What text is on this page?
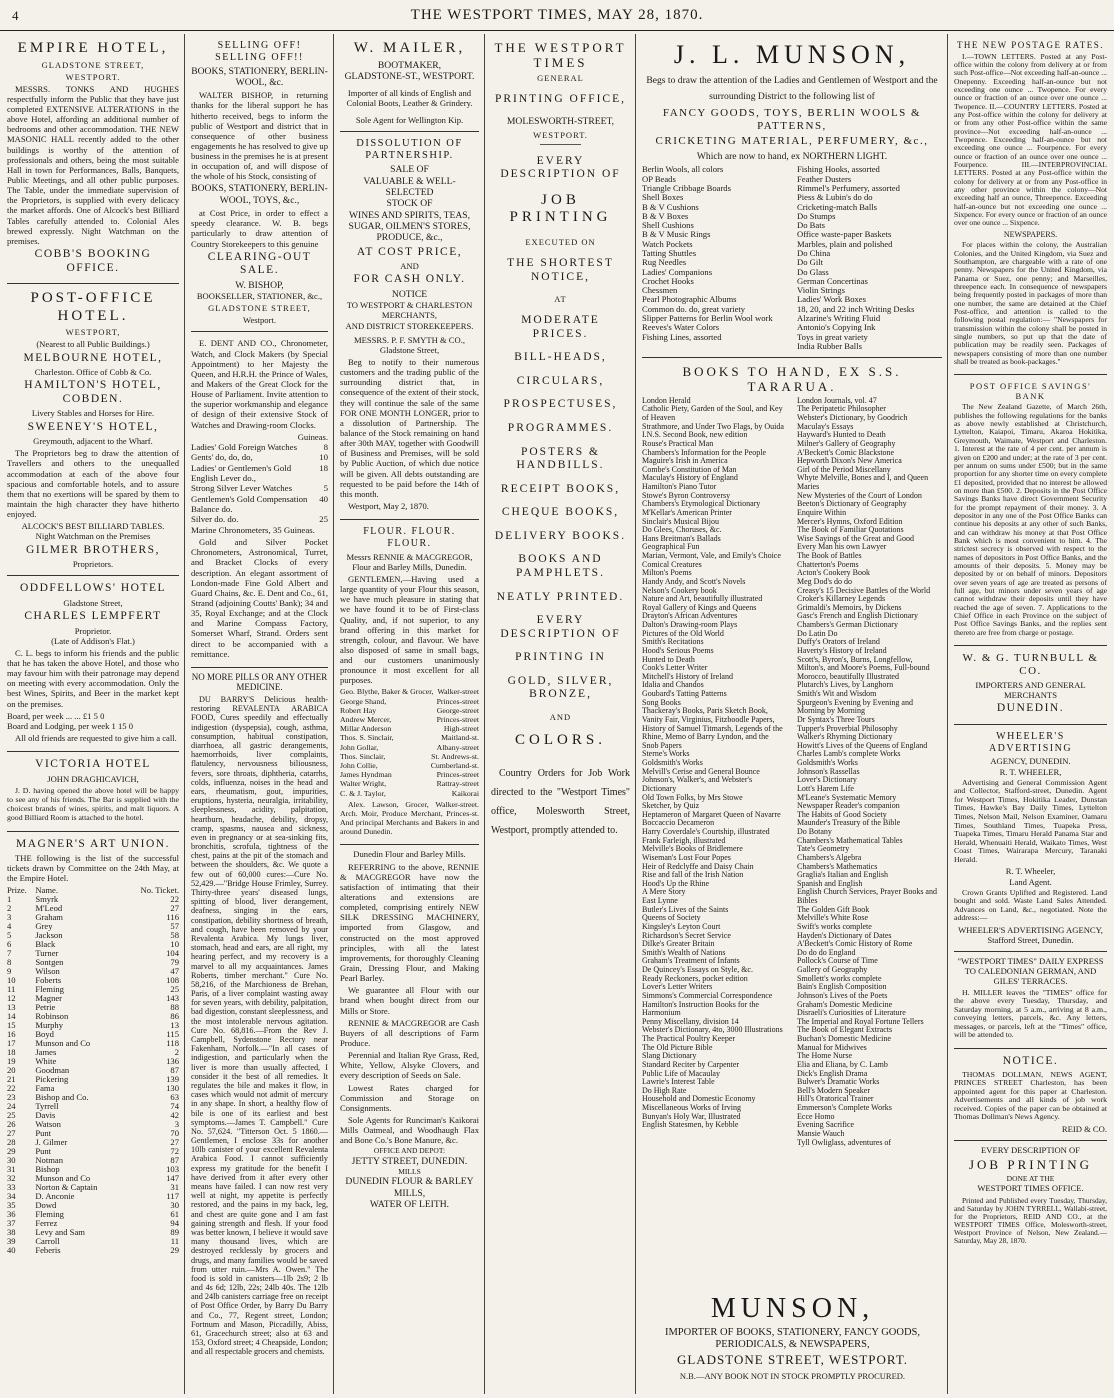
4	THE WESTPORT TIMES, MAY 28, 1870.
EMPIRE HOTEL,
GLADSTONE STREET,
WESTPORT.
MESSRS. TONKS AND HUGHES respectfully inform the Public that they have just completed EXTENSIVE ALTERATIONS in the above Hotel, affording an additional number of bedrooms and other accommodation. THE NEW MASONIC HALL recently added to the other buildings is worthy of the attention of professionals and others, being the most suitable Hall in town for Performances, Balls, Banquets, Public Meetings, and all other public purposes. The Table, under the immediate supervision of the Proprietors, is supplied with every delicacy the market affords. One of Alcock's best Billiard Tables carefully attended to. Colonial Ales brewed expressly. Night Watchman on the premises.
COBB'S BOOKING OFFICE.
POST-OFFICE HOTEL.
WESTPORT,
(Nearest to all Public Buildings.)
MELBOURNE HOTEL,
Charleston. Office of Cobb & Co.
HAMILTON'S HOTEL, COBDEN.
Livery Stables and Horses for Hire.
SWEENEY'S HOTEL,
Greymouth, adjacent to the Wharf.
The Proprietors beg to draw the attention of Travellers and others to the unequalled accommodation at each of the above four spacious and comfortable hotels, and to assure them that no exertions will be spared by them to maintain the high character they have hitherto enjoyed.
ALCOCK'S BEST BILLIARD TABLES.
Night Watchman on the Premises
GILMER BROTHERS,
Proprietors.
ODDFELLOWS' HOTEL
Gladstone Street,
CHARLES LEMPFERT
Proprietor.
(Late of Addison's Flat.)
C. L. begs to inform his friends and the public that he has taken the above Hotel, and those who may favour him with their patronage may depend on meeting with every accommodation. Only the best Wines, Spirits, and Beer in the market kept on the premises.
Board, per week ... ... £1 5 0
Board and Lodging, per week 1 15 0
All old friends are requested to give him a call.
VICTORIA HOTEL
JOHN DRAGHICAVICH,
J. D. having opened the above hotel will be happy to see any of his friends. The Bar is supplied with the choicest brands of wines, spirits, and malt liquors. A good Billiard Room is attached to the hotel.
MAGNER'S ART UNION.
THE following is the list of the successful tickets drawn by Committee on the 24th May, at the Empire Hotel.
Prize.	Name.	No. Ticket.
1	Smyrk	22
2	M'Leod	27
3	Graham	116
4	Grey	57
5	Jackson	58
6	Black	10
7	Turner	104
8	Sontgen	79
9	Wilson	47
10	Foberts	108
11	Fleming	25
12	Magner	143
13	Petrie	88
14	Robinson	86
15	Murphy	13
16	Boyd	115
17	Munson and Co	118
18	James	2
19	White	136
20	Goodman	87
21	Pickering	139
22	Fama	130
23	Bishop and Co.	63
24	Tyrrell	74
25	Davis	42
26	Watson	3
27	Punt	70
28	J. Gilmer	27
29	Punt	72
30	Notman	87
31	Bishop	103
32	Munson and Co	147
33	Norton & Captain	31
34	D. Anconie	117
35	Dowd	30
36	Fleming	61
37	Ferrez	94
38	Levy and Sam	89
39	Carroll	11
40	Feberis	29
SELLING OFF! SELLING OFF!!
BOOKS, STATIONERY, BERLIN-WOOL, &c.
WALTER BISHOP, in returning thanks for the liberal support he has hitherto received, begs to inform the public of Westport and district that in consequence of other business engagements he has resolved to give up business in the premises he is at present in occupation of, and will dispose of the whole of his Stock, consisting of
BOOKS, STATIONERY, BERLIN-WOOL, TOYS, &c.,
at Cost Price, in order to effect a speedy clearance. W. B. begs particularly to draw attention of Country Storekeepers to this genuine
CLEARING-OUT SALE.
W. BISHOP,
BOOKSELLER, STATIONER, &c.,
GLADSTONE STREET,
Westport.
E. DENT AND CO., Chronometer, Watch, and Clock Makers (by Special Appointment) to her Majesty the Queen, and H.R.H. the Prince of Wales, and Makers of the Great Clock for the House of Parliament. Invite attention to the superior workmanship and elegance of design of their extensive Stock of Watches and Drawing-room Clocks.
Guineas.
Ladies' Gold Foreign Watches	8
Gents' do, do, do,	10
Ladies' or Gentlemen's Gold English Lever do.,
18
Strong Silver Lever Watches	5
Gentlemen's Gold Compensation Balance do.
40
Silver do. do.	25
Marine Chronometers, 35 Guineas.
Gold and Silver Pocket Chronometers, Astronomical, Turret, and Bracket Clocks of every description. An elegant assortment of London-made Fine Gold Albert and Guard Chains, &c. E. Dent and Co., 61, Strand (adjoining Coutts' Bank); 34 and 35, Royal Exchange; and at the Clock and Marine Compass Factory, Somerset Wharf, Strand. Orders sent direct to be accompanied with a remittance.
NO MORE PILLS OR ANY OTHER MEDICINE.
DU BARRY'S Delicious health-restoring REVALENTA ARABICA FOOD, Cures speedily and effectually indigestion (dyspepsia), cough, asthma, consumption, habitual constipation, diarrhoea, all gastric derangements, haemorrhoids, liver complaints, flatulency, nervousness biliousness, fevers, sore throats, diphtheria, catarrhs, colds, influenza, noises in the head and ears, rheumatism, gout, impurities, eruptions, hysteria, neuralgia, irritability, sleeplessness, acidity, palpitation, heartburn, headache, debility, dropsy, cramp, spasms, nausea and sickness, even in pregnancy or at sea-sinking fits, bronchitis, scrofula, tightness of the chest, pains at the pit of the stomach and between the shoulders, &c. We quote a few out of 60,000 cures:—Cure No. 52,429.—"Bridge House Frimley, Surrey. Thirty-three years' diseased lungs, spitting of blood, liver derangement, deafness, singing in the ears, constipation, debility shortness of breath, and cough, have been removed by your Revalenta Arabica. My lungs liver, stomach, head and ears, are all right, my hearing perfect, and my recovery is a marvel to all my acquaintances. James Roberts, timber merchant." Cure No. 58,216, of the Marchioness de Brehan, Paris, of a liver complaint wasting away for seven years, with debility, palpitation, bad digestion, constant sleeplessness, and the most intolerable nervous agitation. Cure No. 68,816.—From the Rev J. Campbell, Sydenstone Rectory near Fakenham, Norfolk.—"In all cases of indigestion, and particularly when the liver is more than usually affected, I consider it the best of all remedies. It regulates the bile and makes it flow, in cases which would not admit of mercury in any shape. In short, a healthy flow of bile is one of its earliest and best symptoms.—James T. Campbell." Cure No. 57,624. "Titterson Oct. 5 1860.—Gentlemen, I enclose 33s for another 10lb canister of your excellent Revalenta Arabica Food. I cannot sufficiently express my gratitude for the benefit I have derived from it after every other means have failed. I can now rest very well at night, my appetite is perfectly restored, and the pains in my back, leg, and chest are quite gone and I am fast gaining strength and flesh. If your food was better known, I believe it would save many thousand lives, which are destroyed recklessly by grocers and drugs, and many families would be saved from utter ruin.—Mrs A. Owen." The food is sold in canisters—1lb 2s9; 2 lb and 4s 6d; 12lb, 22s; 24lb 40s. The 12lb and 24lb canisters carriage free on receipt of Post Office Order, by Barry Du Barry and Co., 77, Regent street, London; Fortnum and Mason, Piccadilly, Abiss, 61, Gracechurch street; also at 63 and 153, Oxford street; 4 Cheapside, London; and all respectable grocers and chemists.
W. MAILER,
BOOTMAKER,
GLADSTONE-ST., WESTPORT.
Importer of all kinds of English and Colonial Boots, Leather & Grindery.
Sole Agent for Wellington Kip.
DISSOLUTION OF PARTNERSHIP.
SALE OF
VALUABLE & WELL-SELECTED
STOCK OF
WINES AND SPIRITS, TEAS,
SUGAR, OILMEN'S STORES,
PRODUCE, &c.,
AT COST PRICE,
AND
FOR CASH ONLY.
NOTICE
TO WESTPORT & CHARLESTON
MERCHANTS,
AND DISTRICT STOREKEEPERS.
MESSRS. P. F. SMYTH & CO., Gladstone Street,
Beg to notify to their numerous customers and the trading public of the surrounding district that, in consequence of the extent of their stock, they will continue the sale of the same FOR ONE MONTH LONGER, prior to a dissolution of Partnership. The balance of the Stock remaining on hand after 30th MAY, together with Goodwill of Business and Premises, will be sold by Public Auction, of which due notice will be given. All debts outstanding are requested to be paid before the 14th of this month.
Westport, May 2, 1870.
FLOUR. FLOUR. FLOUR.
Messrs RENNIE & MACGREGOR, Flour and Barley Mills, Dunedin.
GENTLEMEN,—Having used a large quantity of your Flour this season, we have much pleasure in stating that we have found it to be of First-class Quality, and, if not superior, to any brand offering in this market for strength, colour, and flavour. We have also disposed of same in small bags, and our customers unanimously pronounce it most excellent for all purposes.
Geo. Blythe, Baker & Grocer, Walker-street
George Shand,	Princes-street
Robert Hay	George-street
Andrew Mercer,	Princes-street
Millar Anderson	High-street
Thos. S. Sinclair,	Maitland-st.
John Gollar,	Albany-street
Thos. Sinclair,	St. Andrews-st.
John Collie,	Cumberland-st.
James Hyndman	Princes-street
Walter Wright,	Rattray-street
C. & J. Taylor,	Kaikorai
Alex. Lawson, Grocer, Walker-street. Arch. Moir, Produce Merchant, Princes-st. And principal Merchants and Bakers in and around Dunedin.
Dunedin Flour and Barley Mills.
REFERRING to the above, RENNIE & MACGREGOR have now the satisfaction of intimating that their alterations and extensions are completed, comprising entirely NEW SILK DRESSING MACHINERY, imported from Glasgow, and constructed on the most approved principles, with all the latest improvements, for thoroughly Cleaning Grain, Dressing Flour, and Making Pearl Barley.
We guarantee all Flour with our brand when bought direct from our Mills or Store.
RENNIE & MACGREGOR are Cash Buyers of all descriptions of Farm Produce.
Perennial and Italian Rye Grass, Red, White, Yellow, Alsyke Clovers, and every description of Seeds on Sale.
Lowest Rates charged for Commission and Storage on Consignments.
Sole Agents for Runciman's Kaikorai Mills Oatmeal, and Woodhaugh Flax and Bone Co.'s Bone Manure, &c.
OFFICE AND DEPOT:
JETTY STREET, DUNEDIN.
MILLS
DUNEDIN FLOUR & BARLEY
MILLS,
WATER OF LEITH.
THE WESTPORT TIMES
GENERAL
PRINTING OFFICE,
MOLESWORTH-STREET,
WESTPORT.
EVERY DESCRIPTION OF
JOB PRINTING
EXECUTED ON
THE SHORTEST NOTICE,
AT
MODERATE PRICES.
BILL-HEADS,
CIRCULARS,
PROSPECTUSES,
PROGRAMMES.
POSTERS & HANDBILLS.
RECEIPT BOOKS,
CHEQUE BOOKS,
DELIVERY BOOKS.
BOOKS AND PAMPHLETS.
NEATLY PRINTED.
EVERY DESCRIPTION OF
PRINTING IN
GOLD, SILVER, BRONZE,
AND
COLORS.
Country Orders for Job Work directed to the "Westport Times" office, Molesworth Street, Westport, promptly attended to.
J. L. MUNSON,
Begs to draw the attention of the Ladies and Gentlemen of Westport and the surrounding District to the following list of
FANCY GOODS, TOYS, BERLIN WOOLS & PATTERNS,
CRICKETING MATERIAL, PERFUMERY, &c.,
Which are now to hand, ex NORTHERN LIGHT.
Berlin Wools, all colors
OP Beads
Triangle Cribbage Boards
Shell Boxes
B & V Cushions
B & V Boxes
Shell Cushions
B & V Music Rings
Watch Pockets
Tatting Shuttles
Rug Needles
Ladies' Companions
Crochet Hooks
Chessmen
Pearl Photographic Albums
Common do. do, great variety
Slipper Patterns for Berlin Wool work
Reeves's Water Colors
Fishing Lines, assorted
Fishing Hooks, assorted
Feather Dusters
Rimmel's Perfumery, assorted
Piess & Lubin's do do
Cricketing-match Balls
Do Stumps
Do Bats
Office waste-paper Baskets
Marbles, plain and polished
Do China
Do Gilt
Do Glass
German Concertinas
Violin Strings
Ladies' Work Boxes
18, 20, and 22 inch Writing Desks
Alzarine's Writing Fluid
Antonio's Copying Ink
Toys in great variety
India Rubber Balls
BOOKS TO HAND, EX S.S. TARARUA.
London Herald
Catholic Piety, Garden of the Soul, and Key of Heaven
Strathmore, and Under Two Flags, by Ouida
I.N.S. Second Book, new edition
Rouse's Practical Man
Chambers's Information for the People
Maguire's Irish in America
Combe's Constitution of Man
Maculay's History of England
Hamilton's Piano Tutor
Stowe's Byron Controversy
Chambers's Etymological Dictionary
M'Kellar's American Printer
Sinclair's Musical Bijou
Do Glees, Choruses, &c.
Hans Breitman's Ballads
Geographical Fun
Marian, Vermont, Vale, and Emily's Choice
Comical Creatures
Milton's Poems
Handy Andy, and Scott's Novels
Nelson's Cookery book
Nature and Art, beautifully illustrated
Royal Gallery of Kings and Queens
Drayton's African Adventures
Dalton's Drawing-room Plays
Pictures of the Old World
Smith's Recitations
Hood's Serious Poems
Hunted to Death
Cook's Letter Writer
Mitchell's History of Ireland
Idalia and Chandos
Goubard's Tatting Patterns
Song Books
Thackeray's Books, Paris Sketch Book, Vanity Fair, Virginius, Fitzboodle Papers, History of Samuel Titmarsh, Legends of the Rhine, Memo of Barry Lyndon, and the Snob Papers
Sterne's Works
Goldsmith's Works
Melvill's Cerise and General Bounce
Johnson's, Walker's, and Webster's Dictionary
Old Town Folks, by Mrs Stowe
Sketcher, by Quiz
Heptameron of Margaret Queen of Navarre
Boccaccio Decameron
Harry Coverdale's Courtship, illustrated
Frank Farleigh, illustrated
Melville's Books of Bridlemere
Wiseman's Lost Four Popes
Heir of Redclyffe and Daisy Chain
Rise and fall of the Irish Nation
Hood's Up the Rhine
A Mere Story
East Lynne
Butler's Lives of the Saints
Queens of Society
Kingsley's Leyton Court
Richardson's Secret Service
Dilke's Greater Britain
Smith's Wealth of Nations
Graham's Treatment of Infants
De Quincey's Essays on Style, &c.
Ready Reckoners, pocket edition
Lover's Letter Writers
Simmons's Commercial Correspondence
Hamilton's Instruction Books for the Harmonium
Penny Miscellany, division 14
Webster's Dictionary, 4to, 3000 Illustrations
The Practical Poultry Keeper
The Old Picture Bible
Slang Dictionary
Standard Reciter by Carpenter
Public Life of Macaulay
Lawrie's Interest Table
Do High Rate
Household and Domestic Economy
Miscellaneous Works of Irving
Bunyan's Holy War, Illustrated
English Statesmen, by Kebble
London Journals, vol. 47
The Peripatetic Philosopher
Webster's Dictionary, by Goodrich
Maculay's Essays
Hayward's Hunted to Death
Milner's Gallery of Geography
A'Beckett's Comic Blackstone
Hepworth Dixon's New America
Girl of the Period Miscellany
Whyte Melville, Bones and I, and Queen Maries
New Mysteries of the Court of London
Beeton's Dictionary of Geography
Enquire Within
Mercer's Hymns, Oxford Edition
The Book of Familiar Quotations
Wise Sayings of the Great and Good
Every Man his own Lawyer
The Book of Battles
Chatterton's Poems
Acton's Cookery Book
Meg Dod's do do
Creasy's 15 Decisive Battles of the World
Croker's Killarney Legends
Grimaldi's Memoirs, by Dickens
Gasc's French and English Dictionary
Chambers's German Dictionary
Do Latin Do
Duffy's Orators of Ireland
Haverty's History of Ireland
Scott's, Byron's, Burns, Longfellow, Milton's, and Moore's Poems, Full-bound Morocco, beautifully Illustrated
Plutarch's Lives, by Langhorn
Smith's Wit and Wisdom
Spurgeon's Evening by Evening and Morning by Morning
Dr Syntax's Three Tours
Tupper's Proverbial Philosophy
Walker's Rhyming Dictionary
Howitt's Lives of the Queens of England
Charles Lamb's complete Works
Goldsmith's Works
Johnson's Rassellas
Lover's Dictionary
Lott's Harem Life
M'Leane's Systematic Memory
Newspaper Reader's companion
The Habits of Good Society
Maunder's Treasury of the Bible
Do Botany
Chambers's Mathematical Tables
Tate's Geometry
Chambers's Algebra
Chambers's Mathematics
Graglia's Italian and English
Spanish and English
English Church Services, Prayer Books and Bibles
The Golden Gift Book
Melville's White Rose
Swift's works complete
Hayden's Dictionary of Dates
A'Beckett's Comic History of Rome
Do do do England
Pollock's Course of Time
Gallery of Geography
Smollett's works complete
Bain's English Composition
Johnson's Lives of the Poets
Graham's Domestic Medicine
Disraeli's Curiosities of Literature
The Imperial and Royal Fortune Tellers
The Book of Elegant Extracts
Buchan's Domestic Medicine
Manual for Midwives
The Home Nurse
Elia and Eliana, by C. Lamb
Dick's English Drama
Bulwer's Dramatic Works
Bell's Modern Speaker
Hill's Oratorical Trainer
Emmerson's Complete Works
Ecce Homo
Evening Sacrifice
Mansie Wauch
Tyll Owliglass, adventures of
MUNSON,
IMPORTER OF BOOKS, STATIONERY, FANCY GOODS,
PERIODICALS, & NEWSPAPERS,
GLADSTONE STREET, WESTPORT.
N.B.—ANY BOOK NOT IN STOCK PROMPTLY PROCURED.
THE NEW POSTAGE RATES.
I.—TOWN LETTERS. Posted at any Post-office within the colony from delivery at or from such Post-office—Not exceeding half-an-ounce ... Onepenny. Exceeding half-an-ounce but not exceeding one ounce ... Twopence. For every ounce or fraction of an ounce over one ounce ... Twopence. II.—COUNTRY LETTERS. Posted at any Post-office within the colony for delivery at or from any other Post-office within the same province—Not exceeding half-an-ounce ... Twopence. Exceeding half-an-ounce but not exceeding one ounce ... Fourpence. For every ounce or fraction of an ounce over one ounce ... Fourpence. III.—INTERPROVINCIAL LETTERS. Posted at any Post-office within the colony for delivery at or from any Post-office in any other province within the colony—Not exceeding half an ounce, Threepence. Exceeding half-an-ounce but not exceeding one ounce ... Sixpence. For every ounce or fraction of an ounce over one ounce ... Sixpence.
NEWSPAPERS.
For places within the colony, the Australian Colonies, and the United Kingdom, via Suez and Southampton, are chargeable with a rate of one penny. Newspapers for the United Kingdom, via Panama or Suez, one penny; and Marseilles, threepence each. In consequence of newspapers being frequently posted in packages of more than one number, the same are detained at the Chief Post-office, and attention is called to the following postal regulation:— "Newspapers for transmission within the colony shall be posted in single numbers, so put up that the date of publication may be readily seen. Packages of newspapers consisting of more than one number shall be treated as book-packages."
POST OFFICE SAVINGS' BANK
The New Zealand Gazette, of March 26th, publishes the following regulations for the banks as above newly established at Christchurch, Lyttelton, Kaiapoi, Timaru, Akaroa Hokitika, Greymouth, Waimate, Westport and Charleston. 1. Interest at the rate of 4 per cent. per annum is given on £200 and under; at the rate of 3 per cent. per annum on sums under £500; but in the same proportion for any shorter time on every complete £1 deposited, provided that no interest be allowed on more than £500. 2. Deposits in the Post Office Savings Banks have direct Government Security for the prompt repayment of their money. 3. A depositor in any one of the Post Office Banks can continue his deposits at any other of such Banks, and can withdraw his money at that Post Office Bank which is most convenient to him. 4. The strictest secrecy is observed with respect to the names of depositors in Post Office Banks, and the amounts of their deposits. 5. Money may be deposited by or on behalf of minors. Depositors over seven years of age are treated as persons of full age, but minors under seven years of age cannot withdraw their deposits until they have reached the age of seven. 7. Applications to the Chief Office in each Province on the subject of Post Office Savings Banks, and the replies sent thereto are free from charge or postage.
W. & G. TURNBULL & CO.
IMPORTERS AND GENERAL
MERCHANTS
DUNEDIN.
WHEELER'S ADVERTISING
AGENCY, DUNEDIN.
R. T. WHEELER,
Advertising and General Commission Agent and Collector, Stafford-street, Dunedin. Agent for Westport Times, Hokitika Leader, Dunstan Times, Hawke's Bay Daily Times, Lyttelton Times, Nelson Mail, Nelson Examiner, Oamaru Times, Southland Times, Tuapeka Press, Tuapeka Times, Timaru Herald Panama Star and Herald, Whenuaiti Herald, Waikato Times, West Coast Times, Wairarapa Mercury, Taranaki Herald.
R. T. Wheeler,
Land Agent.
Crown Grants Uplifted and Registered. Land bought and sold. Waste Land Sales Attended. Advances on Land, &c., negotiated. Note the address:—
WHEELER'S ADVERTISING AGENCY,
Stafford Street, Dunedin.
"WESTPORT TIMES" DAILY EXPRESS TO CALEDONIAN GERMAN, AND GILES' TERRACES.
H. MILLER leaves the "TIMES" office for the above every Tuesday, Thursday, and Saturday morning, at 5 a.m., arriving at 8 a.m., conveying letters, parcels, &c. Any letters, messages, or parcels, left at the "Times" office, will be attended to.
NOTICE.
THOMAS DOLLMAN, NEWS AGENT, PRINCES STREET Charleston, has been appointed agent for this paper at Charleston. Advertisements and all kinds of job work received. Copies of the paper can be obtained at Thomas Dollman's News Agency.
REID & CO.
EVERY DESCRIPTION OF
JOB PRINTING
DONE AT THE
WESTPORT TIMES OFFICE.
Printed and Published every Tuesday, Thursday, and Saturday by JOHN TYRRELL, Wallabi-street, for the Proprietors, REID AND CO., at the WESTPORT TIMES Office, Molesworth-street, Westport Province of Nelson, New Zealand.—Saturday, May 28, 1870.
